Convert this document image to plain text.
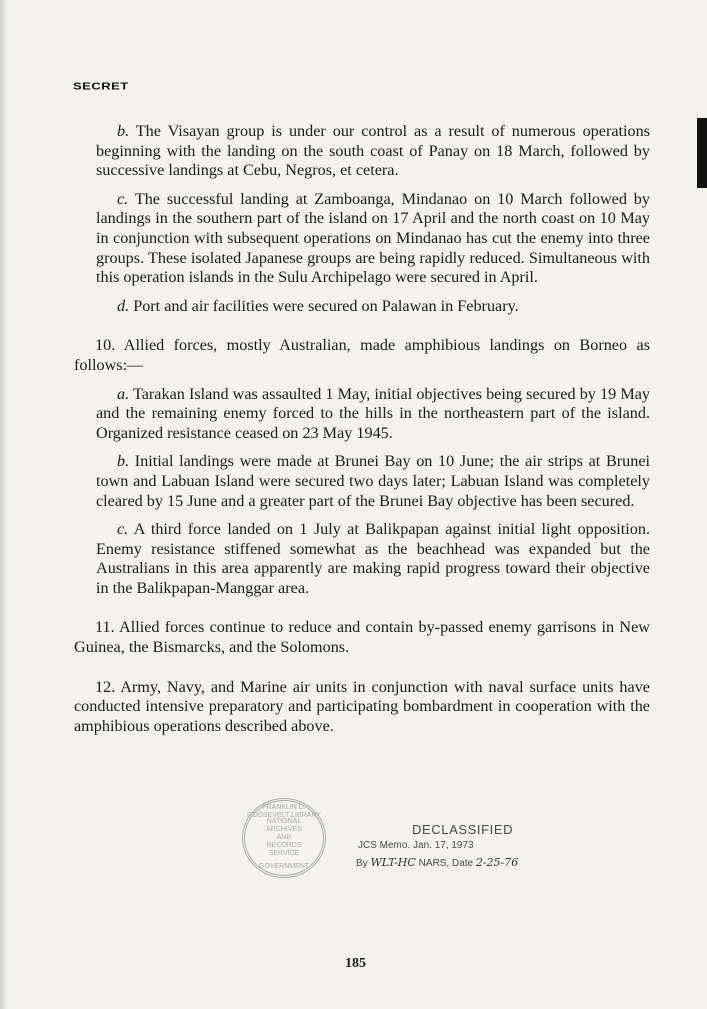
SECRET

b. The Visayan group is under our control as a result of numerous operations beginning with the landing on the south coast of Panay on 18 March, followed by successive landings at Cebu, Negros, et cetera.

c. The successful landing at Zamboanga, Mindanao on 10 March followed by landings in the southern part of the island on 17 April and the north coast on 10 May in conjunction with subsequent operations on Mindanao has cut the enemy into three groups. These isolated Japanese groups are being rapidly reduced. Simultaneous with this operation islands in the Sulu Archipelago were secured in April.

d. Port and air facilities were secured on Palawan in February.

10. Allied forces, mostly Australian, made amphibious landings on Borneo as follows:—

a. Tarakan Island was assaulted 1 May, initial objectives being secured by 19 May and the remaining enemy forced to the hills in the northeastern part of the island. Organized resistance ceased on 23 May 1945.

b. Initial landings were made at Brunei Bay on 10 June; the air strips at Brunei town and Labuan Island were secured two days later; Labuan Island was completely cleared by 15 June and a greater part of the Brunei Bay objective has been secured.

c. A third force landed on 1 July at Balikpapan against initial light opposition. Enemy resistance stiffened somewhat as the beachhead was expanded but the Australians in this area apparently are making rapid progress toward their objective in the Balikpapan-Manggar area.

11. Allied forces continue to reduce and contain by-passed enemy garrisons in New Guinea, the Bismarcks, and the Solomons.

12. Army, Navy, and Marine air units in conjunction with naval surface units have conducted intensive preparatory and participating bombardment in cooperation with the amphibious operations described above.

FRANKLIN D. ROOSEVELT LIBRARY
NATIONAL ARCHIVES AND RECORDS SERVICE
GOVERNMENT
DECLASSIFIED
JCS Memo. Jan. 17, 1973
By WLT-HC NARS, Date 2-25-76
185
